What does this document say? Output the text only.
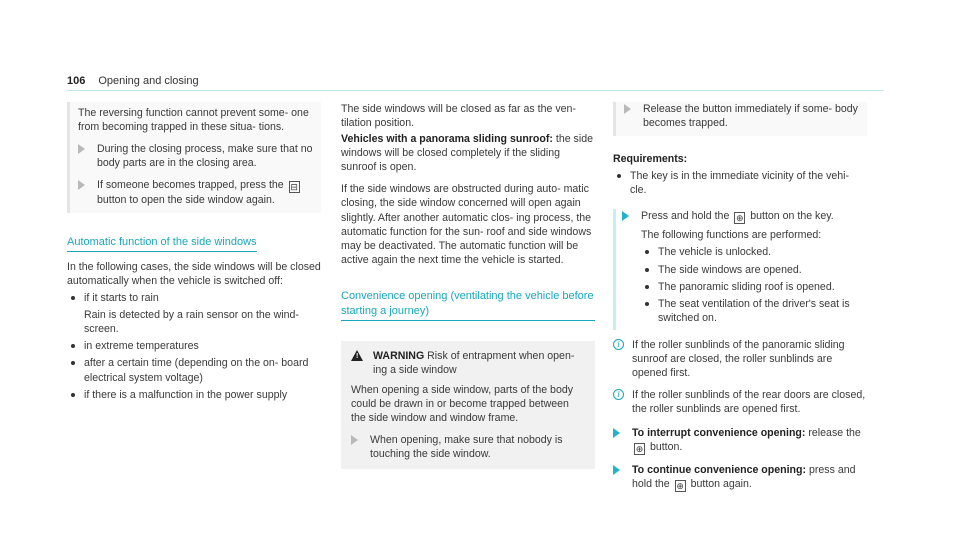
106 Opening and closing

The reversing function cannot prevent some- one from becoming trapped in these situa- tions.

During the closing process, make sure that no body parts are in the closing area.
If someone becomes trapped, press the ⊟ button to open the side window again.
Automatic function of the side windows

In the following cases, the side windows will be closed automatically when the vehicle is switched off:

if it starts to rain

Rain is detected by a rain sensor on the wind- screen.

in extreme temperatures
after a certain time (depending on the on- board electrical system voltage)
if there is a malfunction in the power supply

The side windows will be closed as far as the ven- tilation position.

Vehicles with a panorama sliding sunroof: the side windows will be closed completely if the sliding sunroof is open.

If the side windows are obstructed during auto- matic closing, the side window concerned will open again slightly. After another automatic clos- ing process, the automatic function for the sun- roof and side windows may be deactivated. The automatic function will be active again the next time the vehicle is started.

Convenience opening (ventilating the vehicle before starting a journey)
! WARNING Risk of entrapment when open- ing a side window

When opening a side window, parts of the body could be drawn in or become trapped between the side window and window frame.

When opening, make sure that nobody is touching the side window.
Release the button immediately if some- body becomes trapped.

Requirements:

The key is in the immediate vicinity of the vehi- cle.
Press and hold the ⊕ button on the key.

The following functions are performed:

The vehicle is unlocked.
The side windows are opened.
The panoramic sliding roof is opened.
The seat ventilation of the driver's seat is switched on.
i	If the roller sunblinds of the panoramic sliding sunroof are closed, the roller sunblinds are opened first.
i	If the roller sunblinds of the rear doors are closed, the roller sunblinds are opened first.
To interrupt convenience opening: release the ⊕ button.
To continue convenience opening: press and hold the ⊕ button again.
